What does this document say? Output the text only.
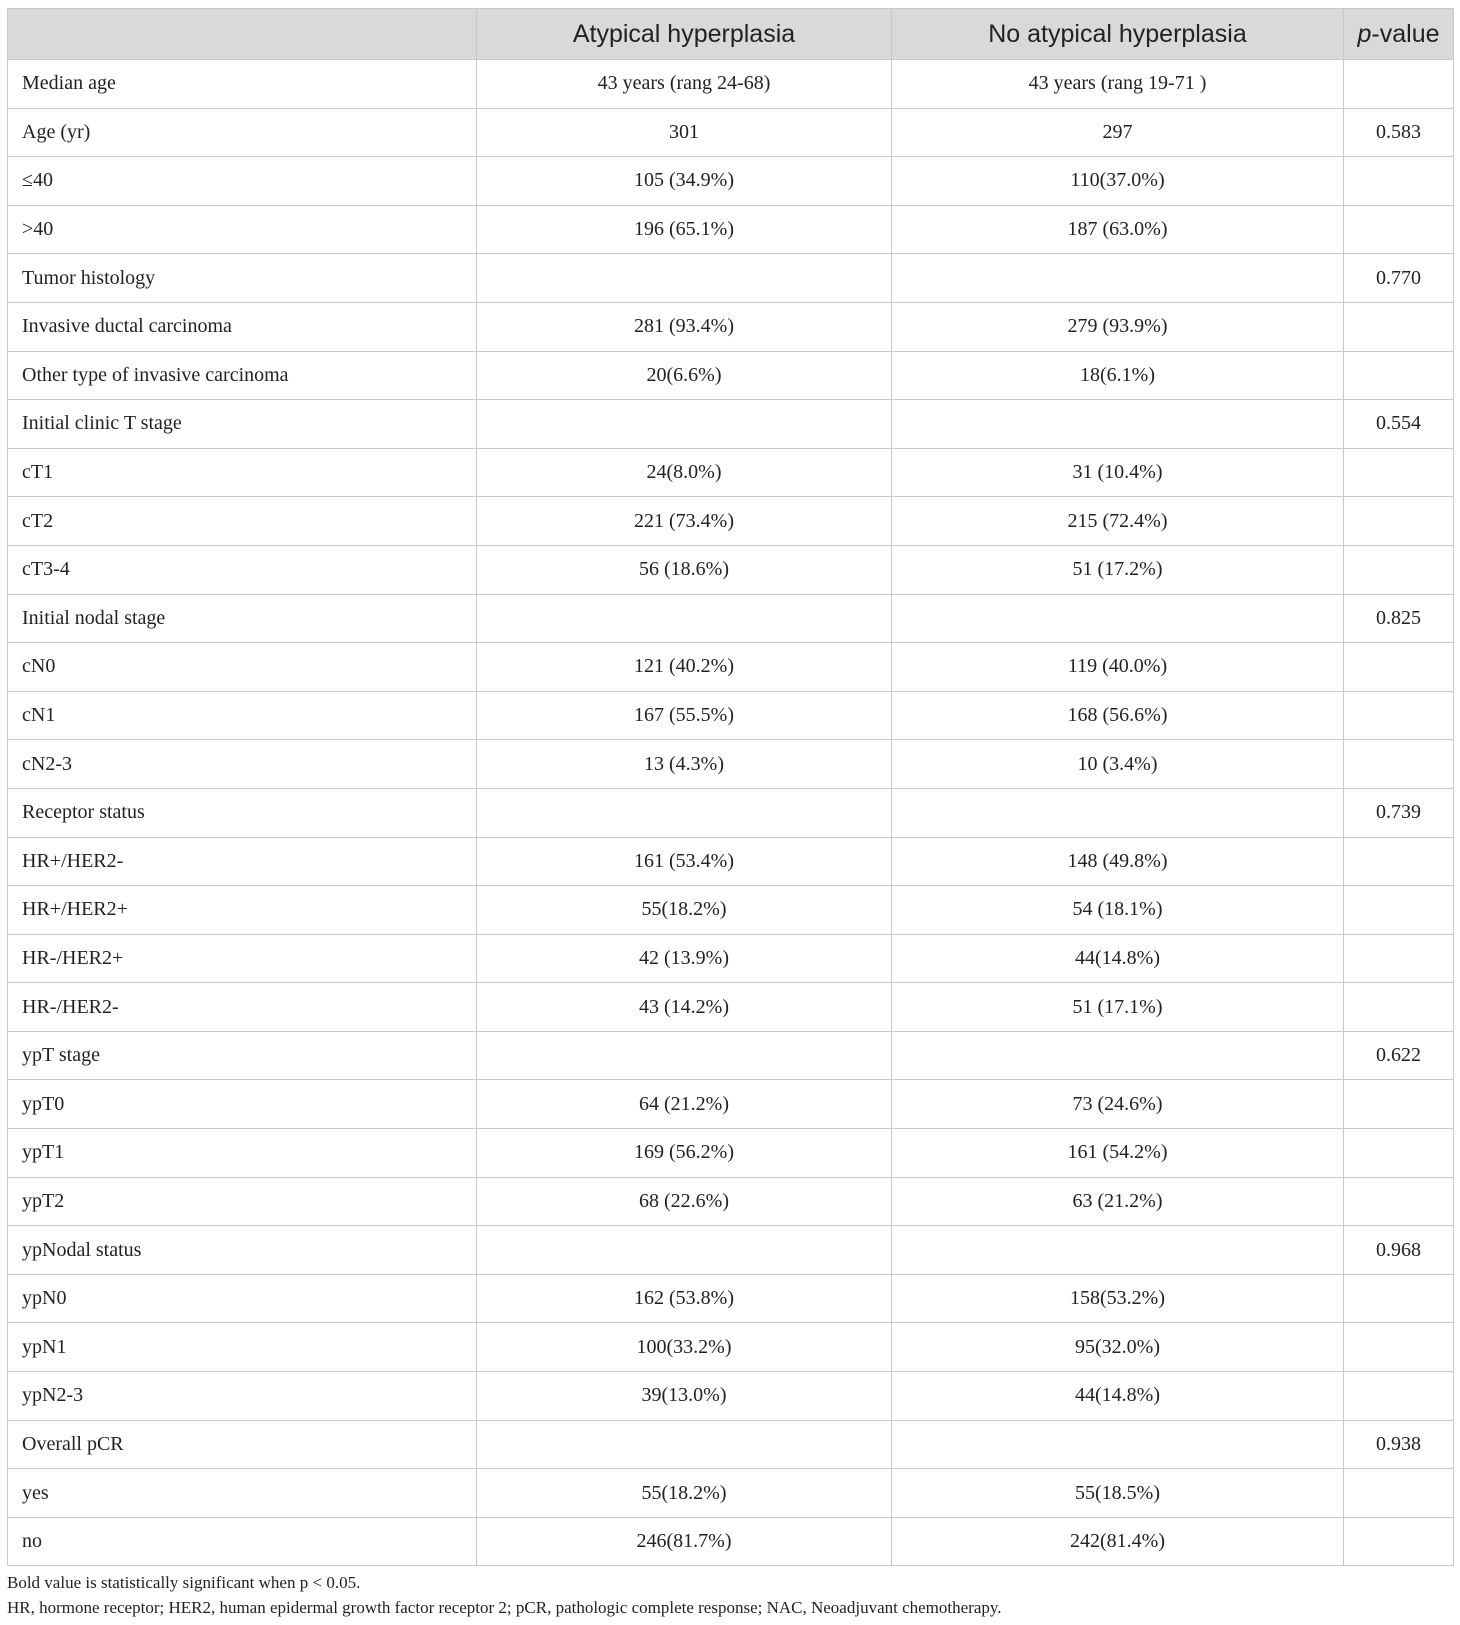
	Atypical hyperplasia	No atypical hyperplasia	p-value
Median age	43 years (rang 24-68)	43 years (rang 19-71 )	
Age (yr)	301	297	0.583
≤40	105 (34.9%)	110(37.0%)	
>40	196 (65.1%)	187 (63.0%)	
Tumor histology			0.770
Invasive ductal carcinoma	281 (93.4%)	279 (93.9%)	
Other type of invasive carcinoma	20(6.6%)	18(6.1%)	
Initial clinic T stage			0.554
cT1	24(8.0%)	31 (10.4%)	
cT2	221 (73.4%)	215 (72.4%)	
cT3-4	56 (18.6%)	51 (17.2%)	
Initial nodal stage			0.825
cN0	121 (40.2%)	119 (40.0%)	
cN1	167 (55.5%)	168 (56.6%)	
cN2-3	13 (4.3%)	10 (3.4%)	
Receptor status			0.739
HR+/HER2-	161 (53.4%)	148 (49.8%)	
HR+/HER2+	55(18.2%)	54 (18.1%)	
HR-/HER2+	42 (13.9%)	44(14.8%)	
HR-/HER2-	43 (14.2%)	51 (17.1%)	
ypT stage			0.622
ypT0	64 (21.2%)	73 (24.6%)	
ypT1	169 (56.2%)	161 (54.2%)	
ypT2	68 (22.6%)	63 (21.2%)	
ypNodal status			0.968
ypN0	162 (53.8%)	158(53.2%)	
ypN1	100(33.2%)	95(32.0%)	
ypN2-3	39(13.0%)	44(14.8%)	
Overall pCR			0.938
yes	55(18.2%)	55(18.5%)	
no	246(81.7%)	242(81.4%)	

Bold value is statistically significant when p < 0.05.

HR, hormone receptor; HER2, human epidermal growth factor receptor 2; pCR, pathologic complete response; NAC, Neoadjuvant chemotherapy.
